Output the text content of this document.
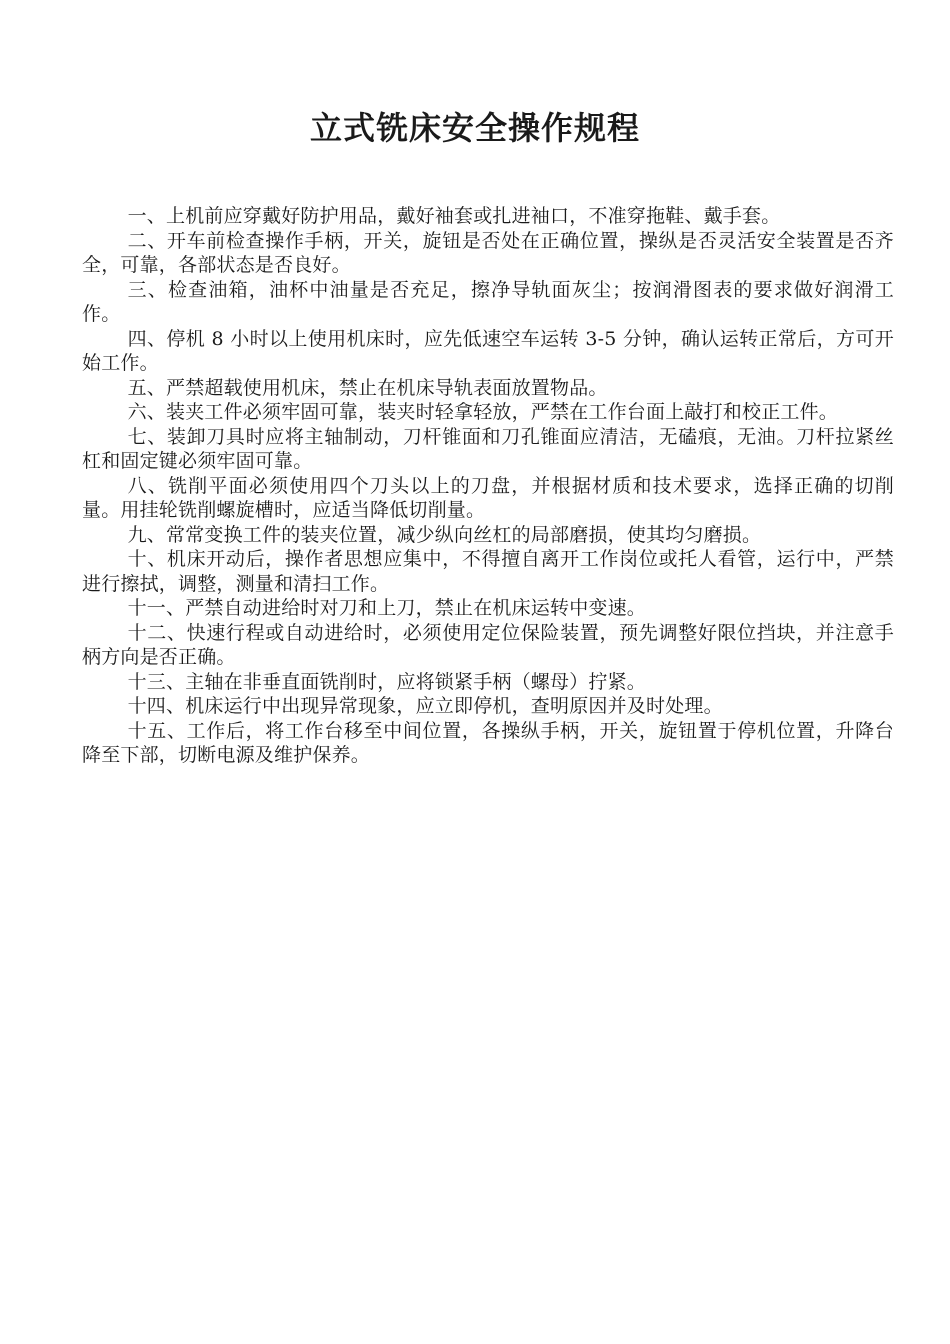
立式铣床安全操作规程

一、上机前应穿戴好防护用品，戴好袖套或扎进袖口，不准穿拖鞋、戴手套。

二、开车前检查操作手柄，开关，旋钮是否处在正确位置，操纵是否灵活安全装置是否齐全，可靠，各部状态是否良好。

三、检查油箱，油杯中油量是否充足，擦净导轨面灰尘；按润滑图表的要求做好润滑工作。

四、停机 8 小时以上使用机床时，应先低速空车运转 3-5 分钟，确认运转正常后，方可开始工作。

五、严禁超载使用机床，禁止在机床导轨表面放置物品。

六、装夹工件必须牢固可靠，装夹时轻拿轻放，严禁在工作台面上敲打和校正工件。

七、装卸刀具时应将主轴制动，刀杆锥面和刀孔锥面应清洁，无磕痕，无油。刀杆拉紧丝杠和固定键必须牢固可靠。

八、铣削平面必须使用四个刀头以上的刀盘，并根据材质和技术要求，选择正确的切削量。用挂轮铣削螺旋槽时，应适当降低切削量。

九、常常变换工件的装夹位置，减少纵向丝杠的局部磨损，使其均匀磨损。

十、机床开动后，操作者思想应集中，不得擅自离开工作岗位或托人看管，运行中，严禁进行擦拭，调整，测量和清扫工作。

十一、严禁自动进给时对刀和上刀，禁止在机床运转中变速。

十二、快速行程或自动进给时，必须使用定位保险装置，预先调整好限位挡块，并注意手柄方向是否正确。

十三、主轴在非垂直面铣削时，应将锁紧手柄（螺母）拧紧。

十四、机床运行中出现异常现象，应立即停机，查明原因并及时处理。

十五、工作后，将工作台移至中间位置，各操纵手柄，开关，旋钮置于停机位置，升降台降至下部，切断电源及维护保养。
